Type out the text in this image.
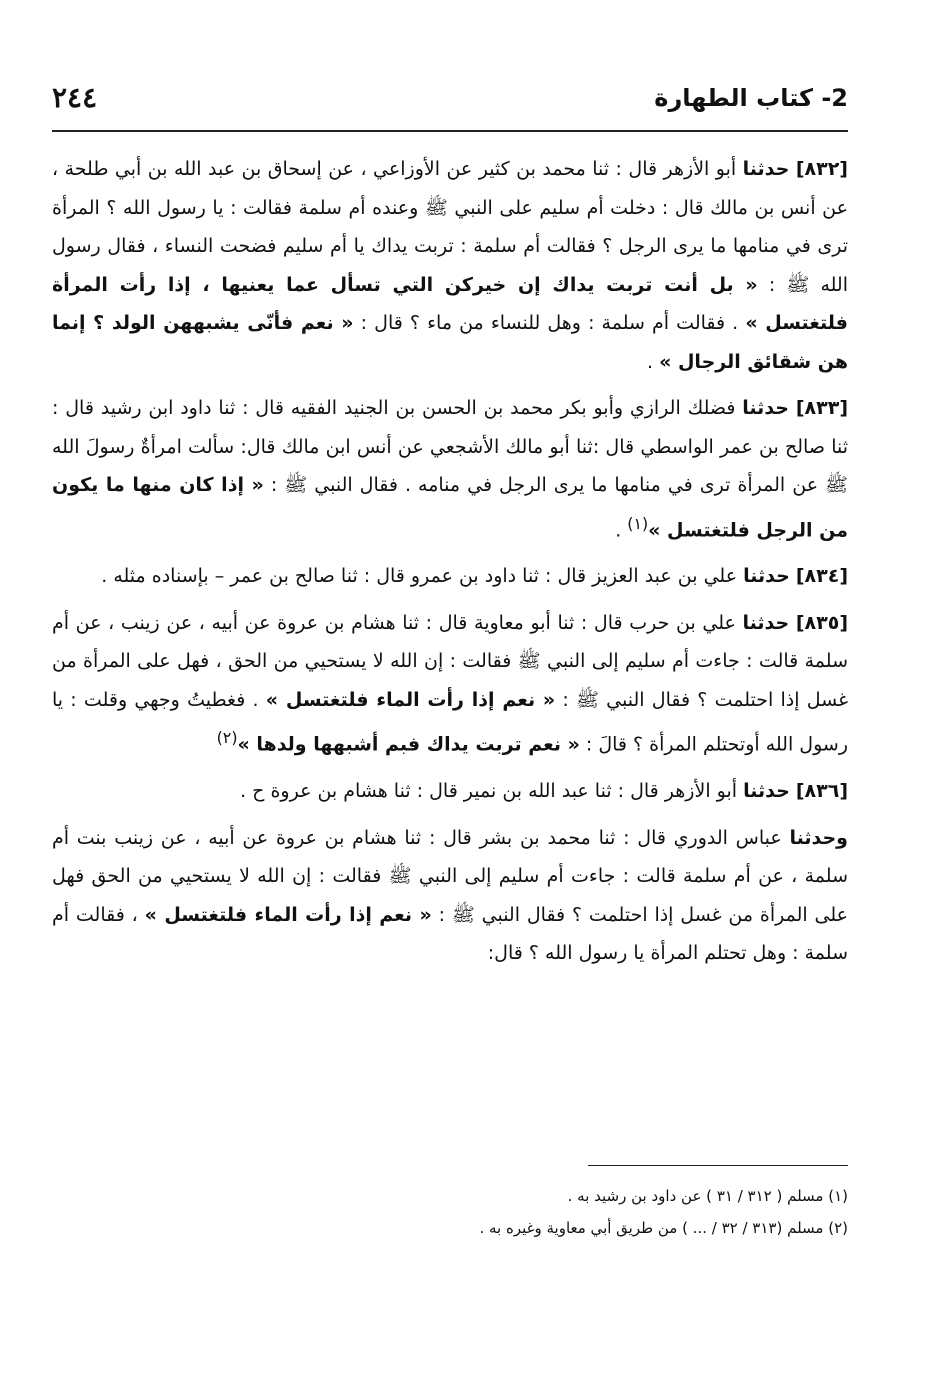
٢٤٤	2- كتاب الطهارة

[٨٣٢] حدثنا أبو الأزهر قال : ثنا محمد بن كثير عن الأوزاعي ، عن إسحاق بن عبد الله بن أبي طلحة ، عن أنس بن مالك قال : دخلت أم سليم على النبي ﷺ وعنده أم سلمة فقالت : يا رسول الله ؟ المرأة ترى في منامها ما يرى الرجل ؟ فقالت أم سلمة : تربت يداك يا أم سليم فضحت النساء ، فقال رسول الله ﷺ : « بل أنت تربت يداك إن خيركن التي تسأل عما يعنيها ، إذا رأت المرأة فلتغتسل » . فقالت أم سلمة : وهل للنساء من ماء ؟ قال : « نعم فأنّى يشبههن الولد ؟ إنما هن شقائق الرجال » .

[٨٣٣] حدثنا فضلك الرازي وأبو بكر محمد بن الحسن بن الجنيد الفقيه قال : ثنا داود ابن رشيد قال : ثنا صالح بن عمر الواسطي قال :ثنا أبو مالك الأشجعي عن أنس ابن مالك قال: سألت امرأةٌ رسولَ الله ﷺ عن المرأة ترى في منامها ما يرى الرجل في منامه . فقال النبي ﷺ : « إذا كان منها ما يكون من الرجل فلتغتسل »$^{(١)}$ .

[٨٣٤] حدثنا علي بن عبد العزيز قال : ثنا داود بن عمرو قال : ثنا صالح بن عمر – بإسناده مثله .

[٨٣٥] حدثنا علي بن حرب قال : ثنا أبو معاوية قال : ثنا هشام بن عروة عن أبيه ، عن زينب ، عن أم سلمة قالت : جاءت أم سليم إلى النبي ﷺ فقالت : إن الله لا يستحيي من الحق ، فهل على المرأة من غسل إذا احتلمت ؟ فقال النبي ﷺ : « نعم إذا رأت الماء فلتغتسل » . فغطيتُ وجهي وقلت : يا رسول الله أوتحتلم المرأة ؟ قالَ : « نعم تربت يداك فبم أشبهها ولدها »$^{(٢)}$

[٨٣٦] حدثنا أبو الأزهر قال : ثنا عبد الله بن نمير قال : ثنا هشام بن عروة ح .

وحدثنا عباس الدوري قال : ثنا محمد بن بشر قال : ثنا هشام بن عروة عن أبيه ، عن زينب بنت أم سلمة ، عن أم سلمة قالت : جاءت أم سليم إلى النبي ﷺ فقالت : إن الله لا يستحيي من الحق فهل على المرأة من غسل إذا احتلمت ؟ فقال النبي ﷺ : « نعم إذا رأت الماء فلتغتسل » ، فقالت أم سلمة : وهل تحتلم المرأة يا رسول الله ؟ قال:

(١) مسلم ( ٣١٢ / ٣١ ) عن داود بن رشيد به .

(٢) مسلم (٣١٣ / ٣٢ / ... ) من طريق أبي معاوية وغيره به .
